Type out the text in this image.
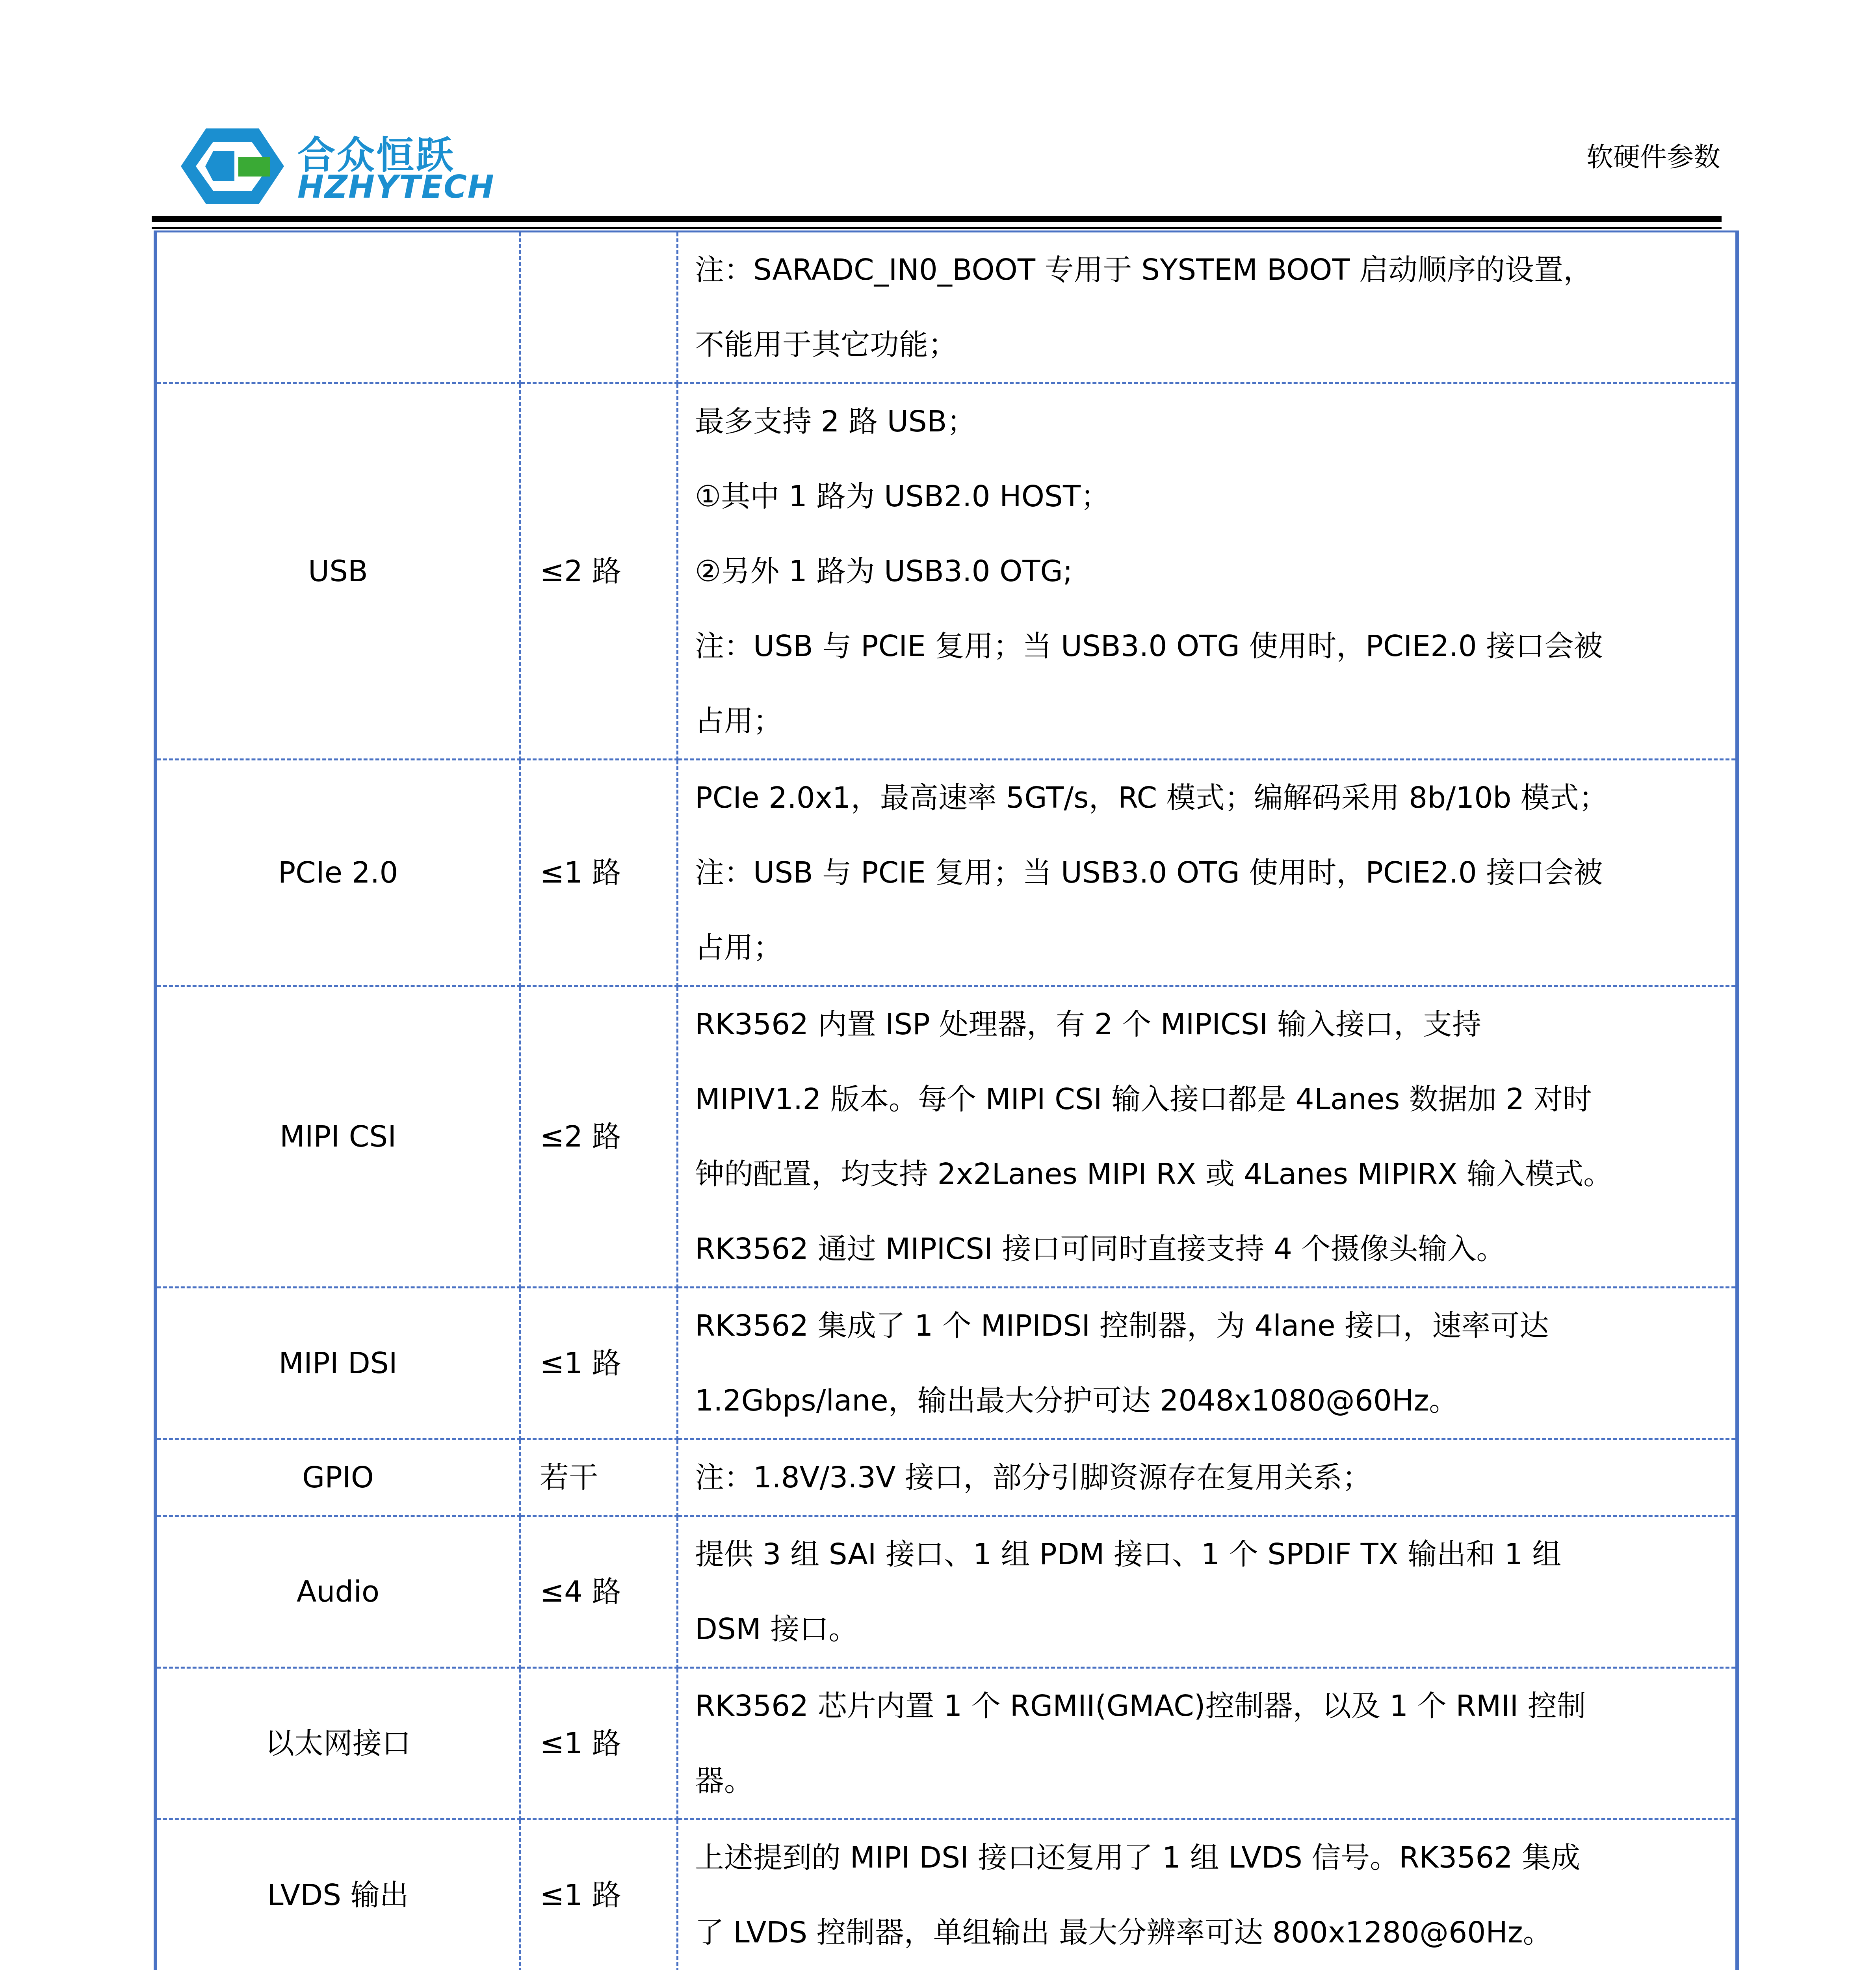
合众恒跃
HZHYTECH
软硬件参数

		注：SARADC_IN0_BOOT 专用于 SYSTEM BOOT 启动顺序的设置，
不能用于其它功能；

USB	≤2 路	最多支持 2 路 USB；
①其中 1 路为 USB2.0 HOST；
②另外 1 路为 USB3.0 OTG;
注：USB 与 PCIE 复用；当 USB3.0 OTG 使用时，PCIE2.0 接口会被
占用；

PCIe 2.0	≤1 路	PCIe 2.0x1，最高速率 5GT/s，RC 模式；编解码采用 8b/10b 模式；
注：USB 与 PCIE 复用；当 USB3.0 OTG 使用时，PCIE2.0 接口会被
占用；

MIPI CSI	≤2 路	RK3562 内置 ISP 处理器，有 2 个 MIPICSI 输入接口，支持
MIPIV1.2 版本。每个 MIPI CSI 输入接口都是 4Lanes 数据加 2 对时
钟的配置，均支持 2x2Lanes MIPI RX 或 4Lanes MIPIRX 输入模式。
RK3562 通过 MIPICSI 接口可同时直接支持 4 个摄像头输入。

MIPI DSI	≤1 路	RK3562 集成了 1 个 MIPIDSI 控制器，为 4lane 接口，速率可达
1.2Gbps/lane，输出最大分护可达 2048x1080@60Hz。

GPIO	若干	注：1.8V/3.3V 接口，部分引脚资源存在复用关系；

Audio	≤4 路	提供 3 组 SAI 接口、1 组 PDM 接口、1 个 SPDIF TX 输出和 1 组
DSM 接口。

以太网接口	≤1 路	RK3562 芯片内置 1 个 RGMII(GMAC)控制器，以及 1 个 RMII 控制
器。

LVDS 输出	≤1 路	上述提到的 MIPI DSI 接口还复用了 1 组 LVDS 信号。RK3562 集成
了 LVDS 控制器，单组输出 最大分辨率可达 800x1280@60Hz。
